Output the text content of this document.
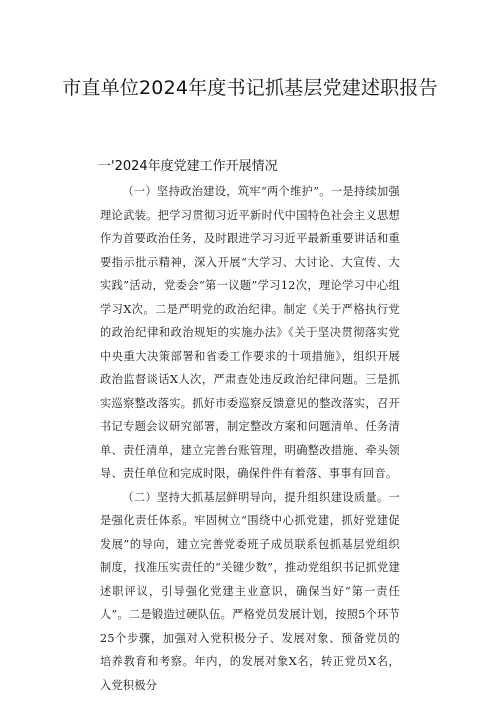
市直单位2024年度书记抓基层党建述职报告
一'2024年度党建工作开展情况

（一）坚持政治建设，筑牢“两个维护”。一是持续加强理论武装。把学习贯彻习近平新时代中国特色社会主义思想作为首要政治任务，及时跟进学习习近平最新重要讲话和重要指示批示精神，深入开展“大学习、大讨论、大宣传、大实践”活动，党委会“第一议题”学习12次，理论学习中心组学习X次。二是严明党的政治纪律。制定《关于严格执行党的政治纪律和政治规矩的实施办法》《关于坚决贯彻落实党中央重大决策部署和省委工作要求的十项措施》，组织开展政治监督谈话X人次，严肃查处违反政治纪律问题。三是抓实巡察整改落实。抓好市委巡察反馈意见的整改落实，召开书记专题会议研究部署，制定整改方案和问题清单、任务清单、责任清单，建立完善台账管理，明确整改措施、牵头领导、责任单位和完成时限，确保件件有着落、事事有回音。

（二）坚持大抓基层鲜明导向，提升组织建设质量。一是强化责任体系。牢固树立“围绕中心抓党建，抓好党建促发展”的导向，建立完善党委班子成员联系包抓基层党组织制度，找准压实责任的“关键少数”，推动党组织书记抓党建述职评议，引导强化党建主业意识，确保当好“第一责任人”。二是锻造过硬队伍。严格党员发展计划，按照5个环节25个步骤，加强对入党积极分子、发展对象、预备党员的培养教育和考察。年内，的发展对象X名，转正党员X名，入党积极分
